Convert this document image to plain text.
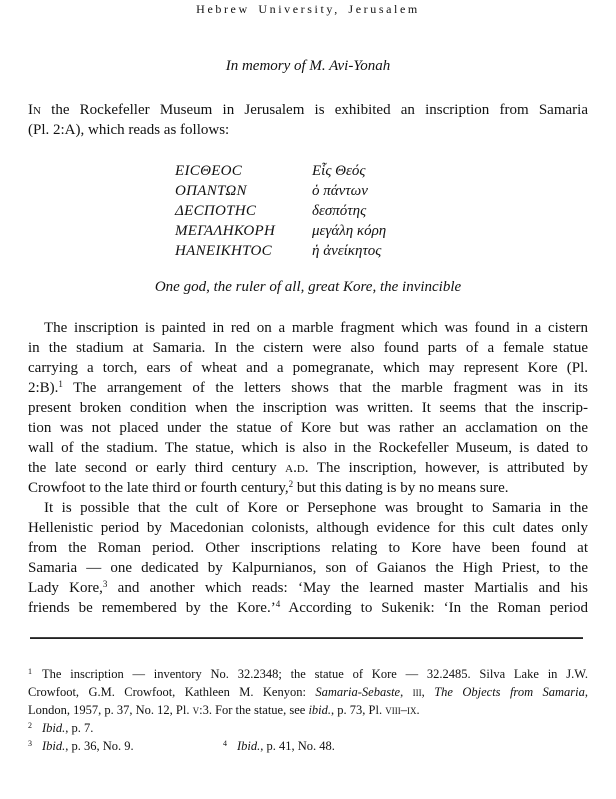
Hebrew University, Jerusalem
In memory of M. Avi-Yonah
In the Rockefeller Museum in Jerusalem is exhibited an inscription from Samaria
(Pl. 2:A), which reads as follows:
ΕΙCΘΕΟC	Εἷς Θεός
ΟΠΑΝΤΩΝ	ὁ πάντων
ΔΕCΠΟΤΗC	δεσπότης
ΜΕΓΑΛΗΚΟΡΗ	μεγάλη κόρη
ΗΑΝΕΙΚΗΤΟC	ἡ ἀνείκητος
One god, the ruler of all, great Kore, the invincible
The inscription is painted in red on a marble fragment which was found in a cistern
in the stadium at Samaria. In the cistern were also found parts of a female statue
carrying a torch, ears of wheat and a pomegranate, which may represent Kore (Pl.
2:B).$^1$ The arrangement of the letters shows that the marble fragment was in its
present broken condition when the inscription was written. It seems that the inscrip-
tion was not placed under the statue of Kore but was rather an acclamation on the
wall of the stadium. The statue, which is also in the Rockefeller Museum, is dated to
the late second or early third century a.d. The inscription, however, is attributed by
Crowfoot to the late third or fourth century,$^2$ but this dating is by no means sure.
It is possible that the cult of Kore or Persephone was brought to Samaria in the
Hellenistic period by Macedonian colonists, although evidence for this cult dates only
from the Roman period. Other inscriptions relating to Kore have been found at
Samaria — one dedicated by Kalpurnianos, son of Gaianos the High Priest, to the
Lady Kore,$^3$ and another which reads: ‘May the learned master Martialis and his
friends be remembered by the Kore.’$^4$ According to Sukenik: ‘In the Roman period
1 The inscription — inventory No. 32.2348; the statue of Kore — 32.2485. Silva Lake in J.W.
Crowfoot, G.M. Crowfoot, Kathleen M. Kenyon: Samaria-Sebaste, iii, The Objects from Samaria,
London, 1957, p. 37, No. 12, Pl. v:3. For the statue, see ibid., p. 73, Pl. viii–ix.
2 Ibid., p. 7.
3 Ibid., p. 36, No. 9.	4 Ibid., p. 41, No. 48.
